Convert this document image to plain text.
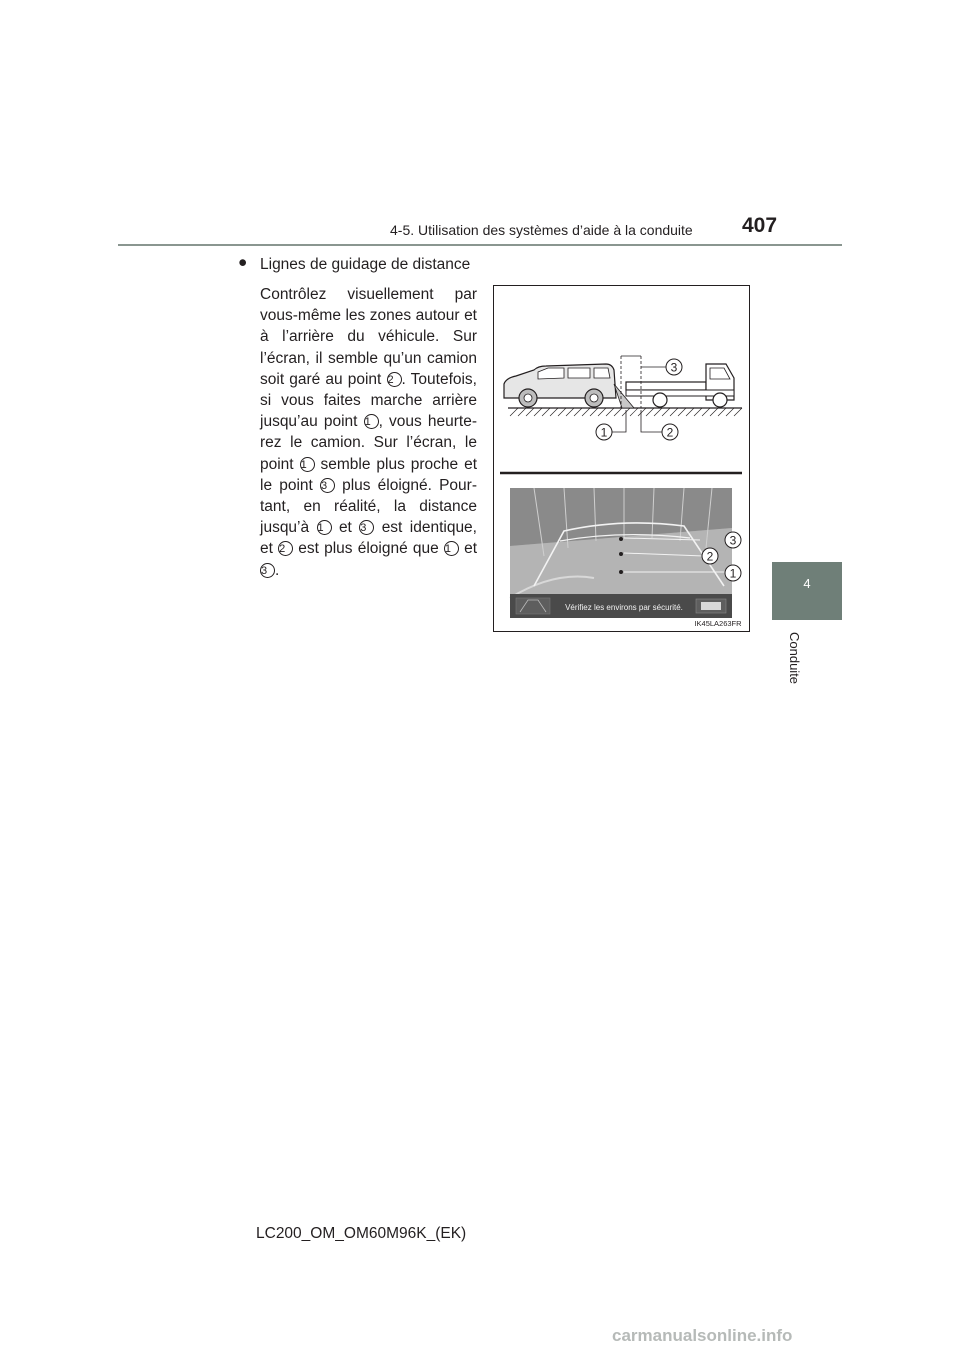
4-5. Utilisation des systèmes d’aide à la conduite 407
4
Conduite
● Lignes de guidage de distance
Contrôlez visuellement par
vous-même les zones autour et
à l’arrière du véhicule. Sur
l’écran, il semble qu’un camion
soit garé au point 2 . Toutefois,
si vous faites marche arrière
jusqu’au point 1 , vous heurte-
rez le camion. Sur l’écran, le
point 1 semble plus proche et
le point 3 plus éloigné. Pour-
tant, en réalité, la distance
jusqu’à 1 et 3 est identique,
et 2 est plus éloigné que 1 et
3 .
3
1	2
3
2
1
Vérifiez les environs par sécurité.
IK45LA263FR
LC200_OM_OM60M96K_(EK)
carmanualsonline.info
